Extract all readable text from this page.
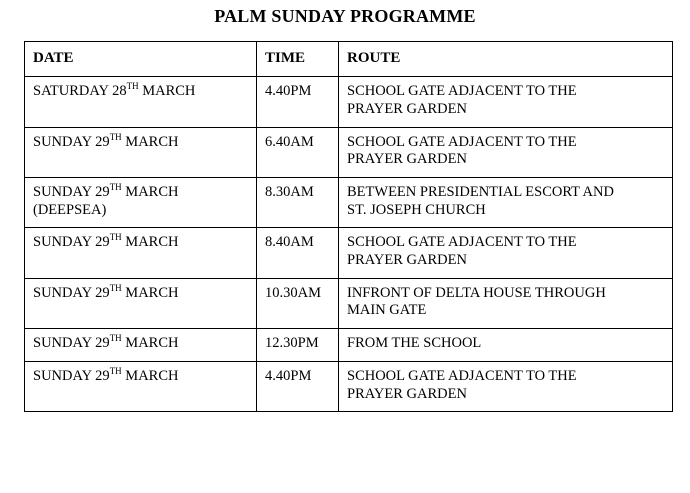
PALM SUNDAY PROGRAMME
DATE	TIME	ROUTE

SATURDAY 28TH MARCH	4.40PM	SCHOOL GATE ADJACENT TO THE
PRAYER GARDEN

SUNDAY 29TH MARCH	6.40AM	SCHOOL GATE ADJACENT TO THE
PRAYER GARDEN

SUNDAY 29TH MARCH
(DEEPSEA)	8.30AM	BETWEEN PRESIDENTIAL ESCORT AND
ST. JOSEPH CHURCH

SUNDAY 29TH MARCH	8.40AM	SCHOOL GATE ADJACENT TO THE
PRAYER GARDEN

SUNDAY 29TH MARCH	10.30AM	INFRONT OF DELTA HOUSE THROUGH
MAIN GATE

SUNDAY 29TH MARCH	12.30PM	FROM THE SCHOOL

SUNDAY 29TH MARCH	4.40PM	SCHOOL GATE ADJACENT TO THE
PRAYER GARDEN
